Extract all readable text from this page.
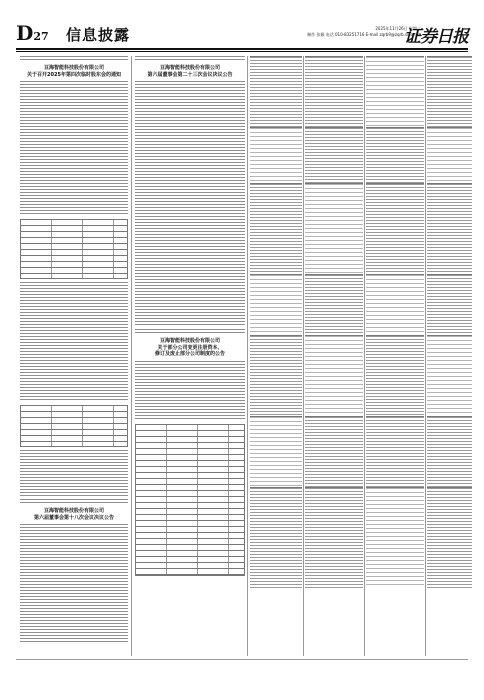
D27 信息披露	2025年11月26日 星期三
制作 张颖 电话 010-83251716 E-mail zqrb9@zqrb.sina.net
证券日报
豆海智能科技股份有限公司
关于召开2025年第四次临时股东会的通知
豆海智能科技股份有限公司
第六届董事会第十八次会议决议公告
豆海智能科技股份有限公司
第六届董事会第二十三次会议决议公告
豆海智能科技股份有限公司
关于部分公司变更注册资本、
修订及废止部分公司制度的公告
